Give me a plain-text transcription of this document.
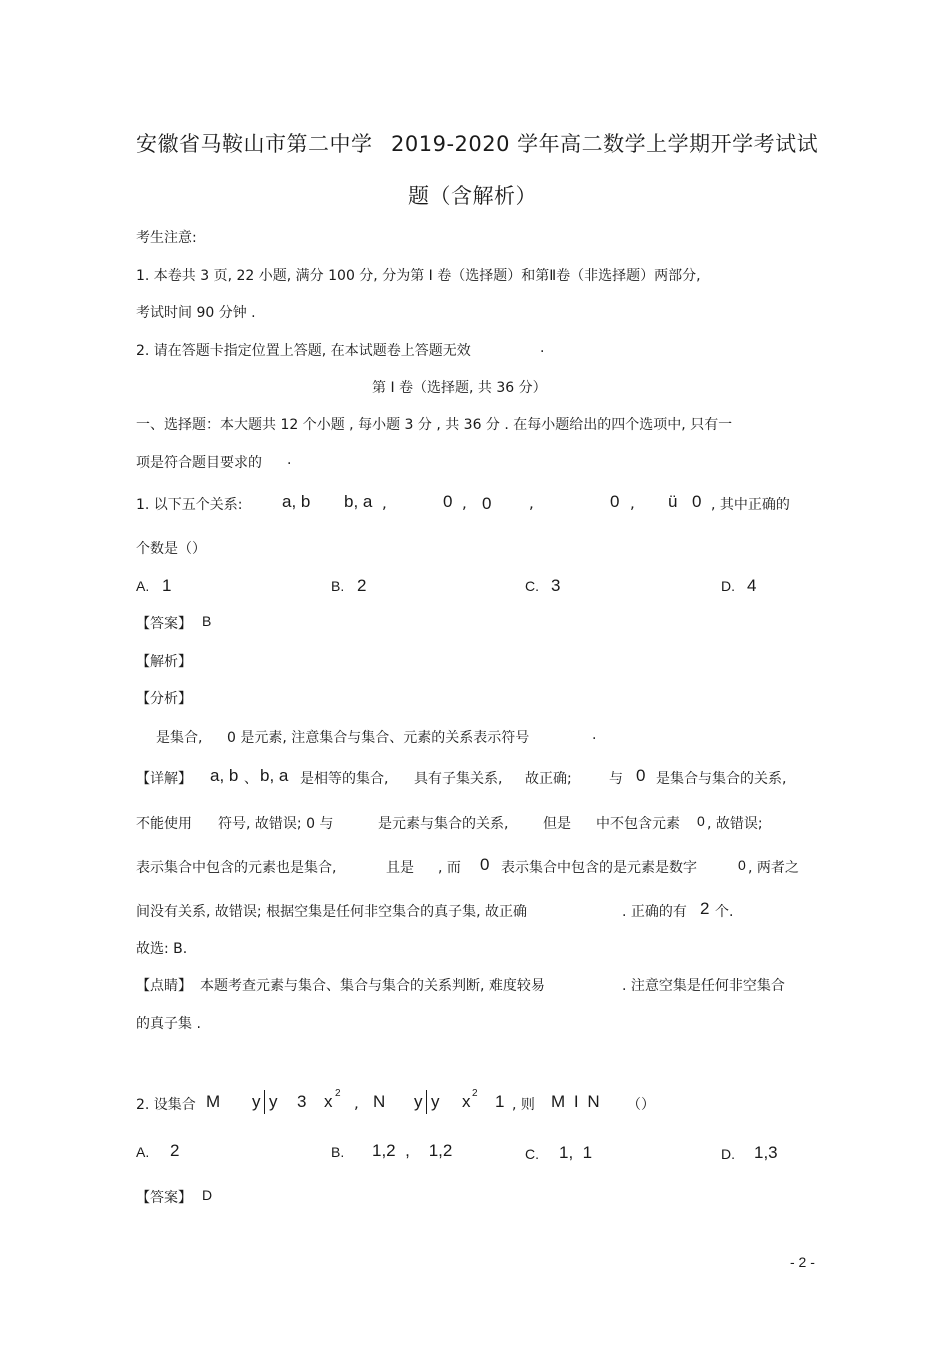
安徽省马鞍山市第二中学 2019-2020 学年高二数学上学期开学考试试
题（含解析）
考生注意:
1. 本卷共 3 页, 22 小题, 满分 100 分, 分为第 I 卷（选择题）和第Ⅱ卷（非选择题）两部分,
考试时间 90 分钟 .
2. 请在答题卡指定位置上答题, 在本试题卷上答题无效	.
第 I 卷（选择题, 共 36 分）
一、选择题：本大题共 12 个小题 , 每小题 3 分 , 共 36 分 . 在每小题给出的四个选项中, 只有一
项是符合题目要求的 .
1. 以下五个关系: a, b b, a ,	0 , 0	,	0 , ü 0 , 其中正确的
个数是（）
A. 1	B. 2	C. 3	D. 4
【答案】 B
【解析】
【分析】
是集合, 0 是元素, 注意集合与集合、元素的关系表示符号	.
【详解】 a, b 、 b, a 是相等的集合, 具有子集关系, 故正确;	与 0 是集合与集合的关系,
不能使用 符号, 故错误; 0 与	是元素与集合的关系, 但是 中不包含元素 0 , 故错误;
表示集合中包含的元素也是集合,	且是 , 而 0 表示集合中包含的是元素是数字	0 , 两者之
间没有关系, 故错误; 根据空集是任何非空集合的真子集, 故正确	. 正确的有 2 个.
故选: B.
【点睛】 本题考查元素与集合、集合与集合的关系判断, 难度较易	. 注意空集是任何非空集合
的真子集 .
2. 设集合 M y y 3 x 2
, N y y x 2 1 , 则 M I N （）
A. 2	B. 1,2  ,    1,2	C. 1,  1	D. 1,3
【答案】 D
- 2 -
